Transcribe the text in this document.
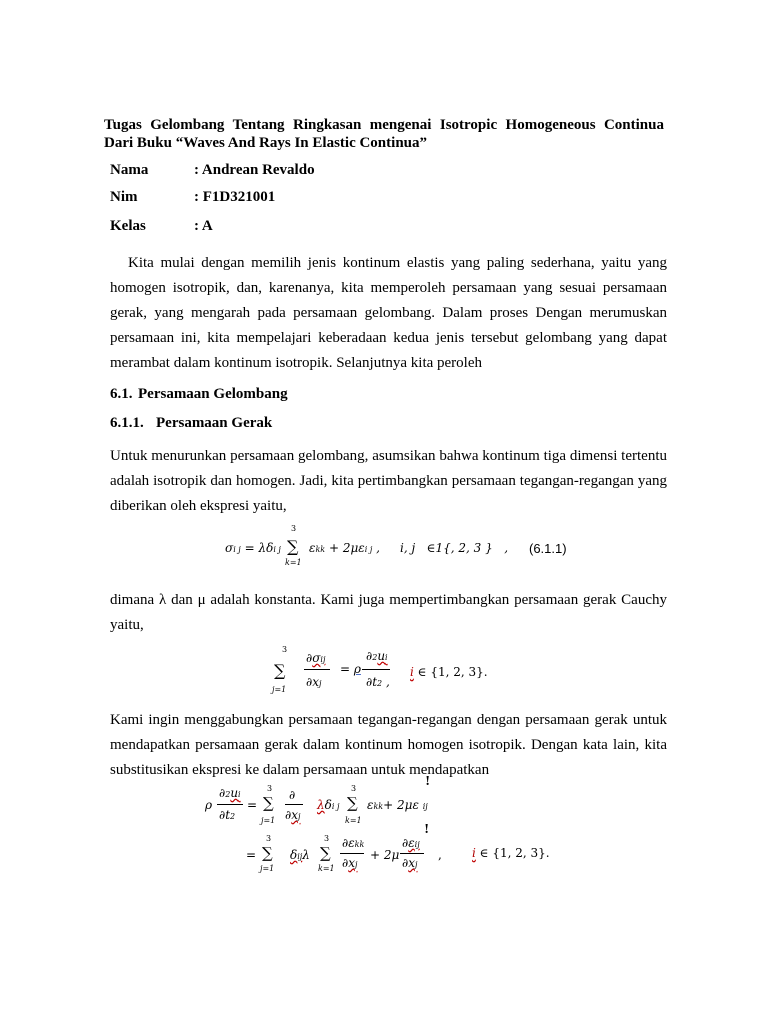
Tugas Gelombang Tentang Ringkasan mengenai Isotropic Homogeneous Continua Dari Buku “Waves And Rays In Elastic Continua”
Nama	: Andrean Revaldo
Nim	: F1D321001
Kelas	: A
Kita mulai dengan memilih jenis kontinum elastis yang paling sederhana, yaitu yang homogen isotropik, dan, karenanya, kita memperoleh persamaan yang sesuai persamaan gerak, yang mengarah pada persamaan gelombang. Dalam proses Dengan merumuskan persamaan ini, kita mempelajari keberadaan kedua jenis tersebut gelombang yang dapat merambat dalam kontinum isotropik. Selanjutnya kita peroleh
6.1. Persamaan Gelombang
6.1.1. Persamaan Gerak
Untuk menurunkan persamaan gelombang, asumsikan bahwa kontinum tiga dimensi tertentu adalah isotropik dan homogen. Jadi, kita pertimbangkan persamaan tegangan-regangan yang diberikan oleh ekspresi yaitu,
3
σi j = λδi j ∑ εkk + 2μεi j ,
k=1
i, j   ∈1{, 2, 3 }   , (6.1.1)
dimana λ dan μ adalah konstanta. Kami juga mempertimbangkan persamaan gerak Cauchy yaitu,
3
∑
j=1
∂σij
∂xj
= ρ
∂2ui
∂t2 ,
i ∈ {1, 2, 3}.
Kami ingin menggabungkan persamaan tegangan-regangan dengan persamaan gerak untuk mendapatkan persamaan gerak dalam kontinum homogen isotropik. Dengan kata lain, kita substitusikan ekspresi ke dalam persamaan untuk mendapatkan
!
ρ
∂2ui
∂t2
=
3
∑
j=1
∂
∂xj
λδi j
3
∑
k=1
εkk+ 2με ij
!
=
3
∑
j=1
δijλ
3
∑
k=1
∂εkk
∂xj
+ 2μ
∂εij
∂xj
,	i ∈ {1, 2, 3}.
